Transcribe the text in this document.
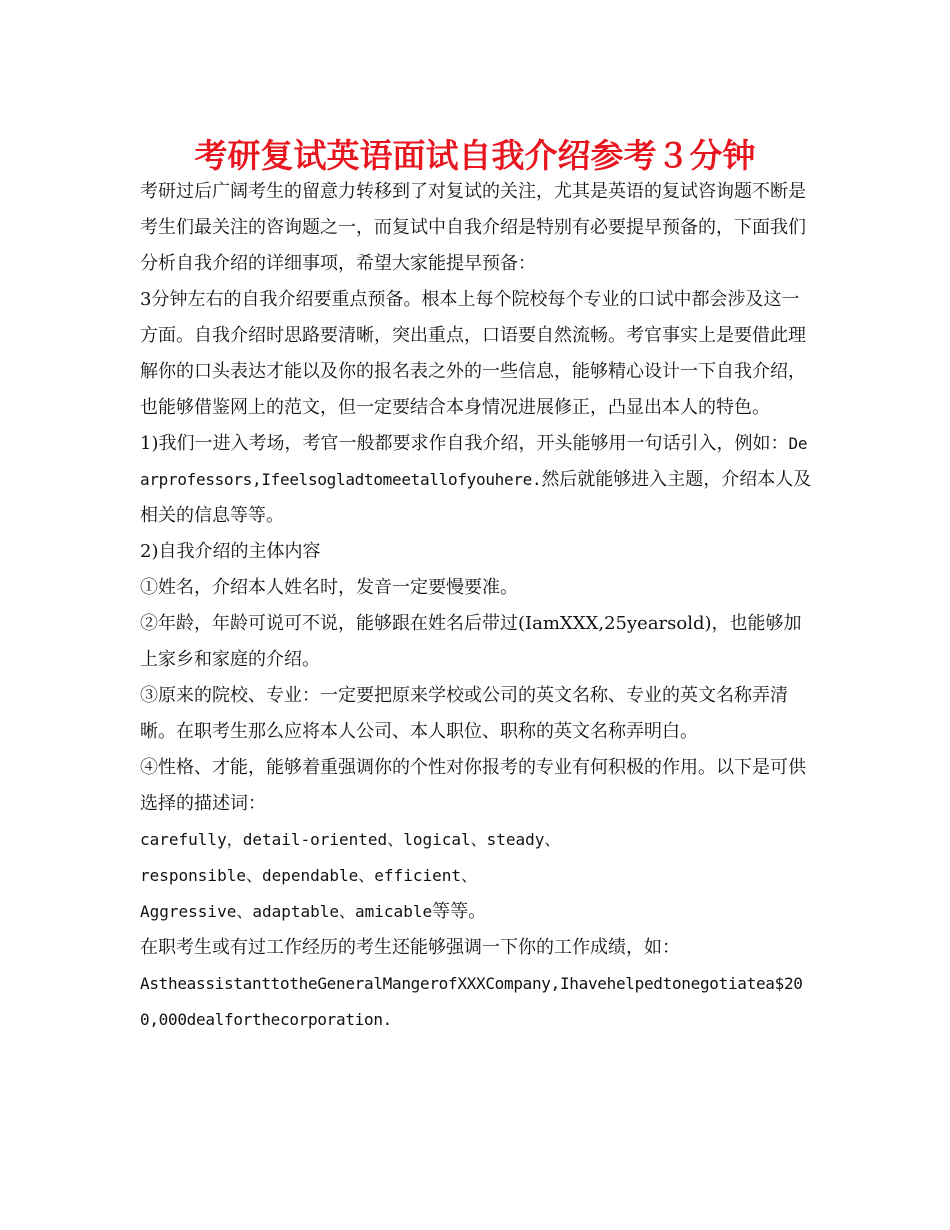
考研复试英语面试自我介绍参考３分钟

考研过后广阔考生的留意力转移到了对复试的关注，尤其是英语的复试咨询题不断是考生们最关注的咨询题之一，而复试中自我介绍是特别有必要提早预备的，下面我们分析自我介绍的详细事项，希望大家能提早预备：

3分钟左右的自我介绍要重点预备。根本上每个院校每个专业的口试中都会涉及这一方面。自我介绍时思路要清晰，突出重点，口语要自然流畅。考官事实上是要借此理解你的口头表达才能以及你的报名表之外的一些信息，能够精心设计一下自我介绍，也能够借鉴网上的范文，但一定要结合本身情况进展修正，凸显出本人的特色。

1)我们一进入考场，考官一般都要求作自我介绍，开头能够用一句话引入，例如：Dearprofessors,Ifeelsogladtomeetallofyouhere.然后就能够进入主题，介绍本人及相关的信息等等。

2)自我介绍的主体内容

①姓名，介绍本人姓名时，发音一定要慢要准。

②年龄，年龄可说可不说，能够跟在姓名后带过(IamXXX,25yearsold)，也能够加上家乡和家庭的介绍。

③原来的院校、专业：一定要把原来学校或公司的英文名称、专业的英文名称弄清晰。在职考生那么应将本人公司、本人职位、职称的英文名称弄明白。

④性格、才能，能够着重强调你的个性对你报考的专业有何积极的作用。以下是可供选择的描述词：

carefully，detail-oriented、logical、steady、

responsible、dependable、efficient、

Aggressive、adaptable、amicable等等。

在职考生或有过工作经历的考生还能够强调一下你的工作成绩，如：

AstheassistanttotheGeneralMangerofXXXCompany,Ihavehelpedtonegotiatea$200,000dealforthecorporation.
